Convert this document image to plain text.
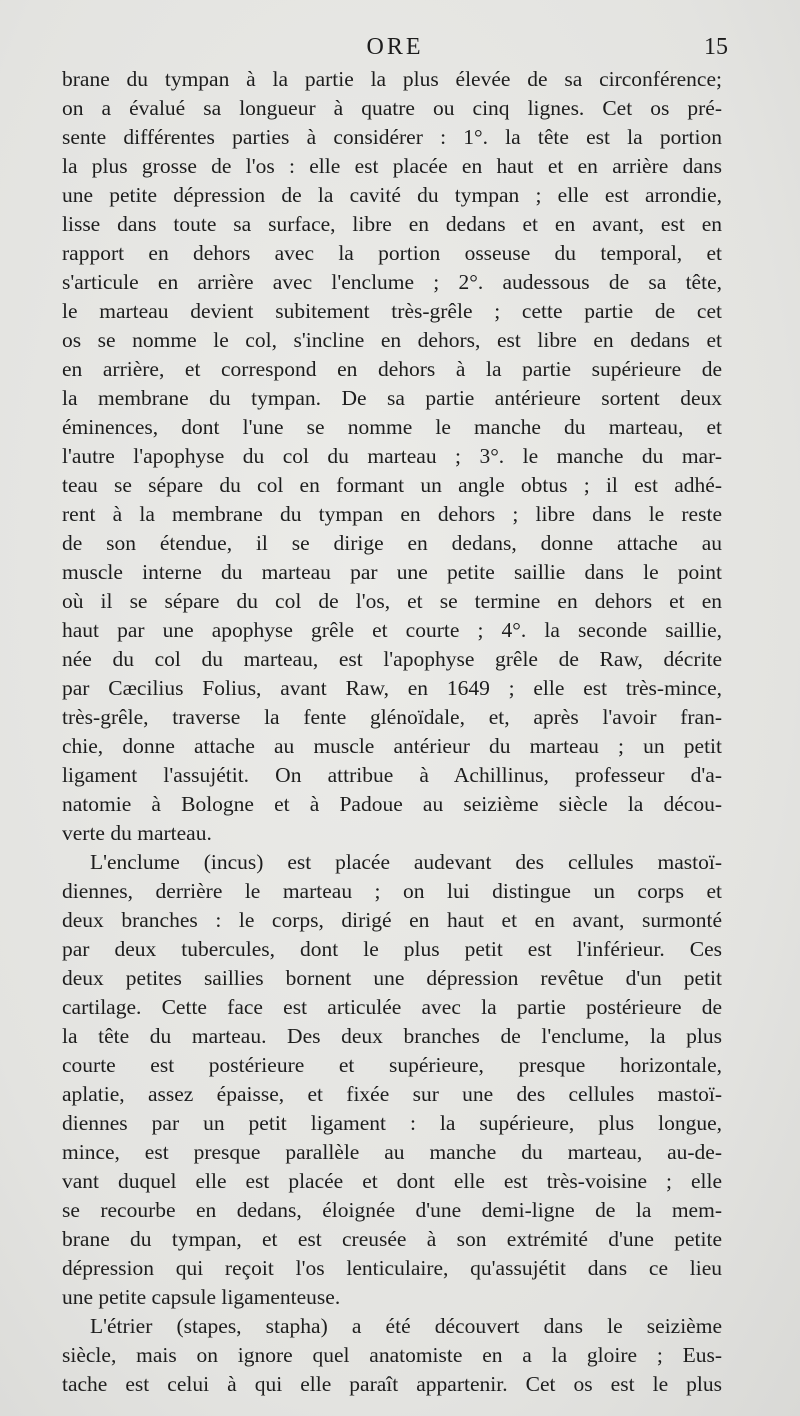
ORE	15
brane du tympan à la partie la plus élevée de sa circonférence;
on a évalué sa longueur à quatre ou cinq lignes. Cet os pré-
sente différentes parties à considérer : 1°. la tête est la portion
la plus grosse de l'os : elle est placée en haut et en arrière dans
une petite dépression de la cavité du tympan ; elle est arrondie,
lisse dans toute sa surface, libre en dedans et en avant, est en
rapport en dehors avec la portion osseuse du temporal, et
s'articule en arrière avec l'enclume ; 2°. audessous de sa tête,
le marteau devient subitement très-grêle ; cette partie de cet
os se nomme le col, s'incline en dehors, est libre en dedans et
en arrière, et correspond en dehors à la partie supérieure de
la membrane du tympan. De sa partie antérieure sortent deux
éminences, dont l'une se nomme le manche du marteau, et
l'autre l'apophyse du col du marteau ; 3°. le manche du mar-
teau se sépare du col en formant un angle obtus ; il est adhé-
rent à la membrane du tympan en dehors ; libre dans le reste
de son étendue, il se dirige en dedans, donne attache au
muscle interne du marteau par une petite saillie dans le point
où il se sépare du col de l'os, et se termine en dehors et en
haut par une apophyse grêle et courte ; 4°. la seconde saillie,
née du col du marteau, est l'apophyse grêle de Raw, décrite
par Cæcilius Folius, avant Raw, en 1649 ; elle est très-mince,
très-grêle, traverse la fente glénoïdale, et, après l'avoir fran-
chie, donne attache au muscle antérieur du marteau ; un petit
ligament l'assujétit. On attribue à Achillinus, professeur d'a-
natomie à Bologne et à Padoue au seizième siècle la décou-
verte du marteau.
L'enclume (incus) est placée audevant des cellules mastoï-
diennes, derrière le marteau ; on lui distingue un corps et
deux branches : le corps, dirigé en haut et en avant, surmonté
par deux tubercules, dont le plus petit est l'inférieur. Ces
deux petites saillies bornent une dépression revêtue d'un petit
cartilage. Cette face est articulée avec la partie postérieure de
la tête du marteau. Des deux branches de l'enclume, la plus
courte est postérieure et supérieure, presque horizontale,
aplatie, assez épaisse, et fixée sur une des cellules mastoï-
diennes par un petit ligament : la supérieure, plus longue,
mince, est presque parallèle au manche du marteau, au-de-
vant duquel elle est placée et dont elle est très-voisine ; elle
se recourbe en dedans, éloignée d'une demi-ligne de la mem-
brane du tympan, et est creusée à son extrémité d'une petite
dépression qui reçoit l'os lenticulaire, qu'assujétit dans ce lieu
une petite capsule ligamenteuse.
L'étrier (stapes, stapha) a été découvert dans le seizième
siècle, mais on ignore quel anatomiste en a la gloire ; Eus-
tache est celui à qui elle paraît appartenir. Cet os est le plus
